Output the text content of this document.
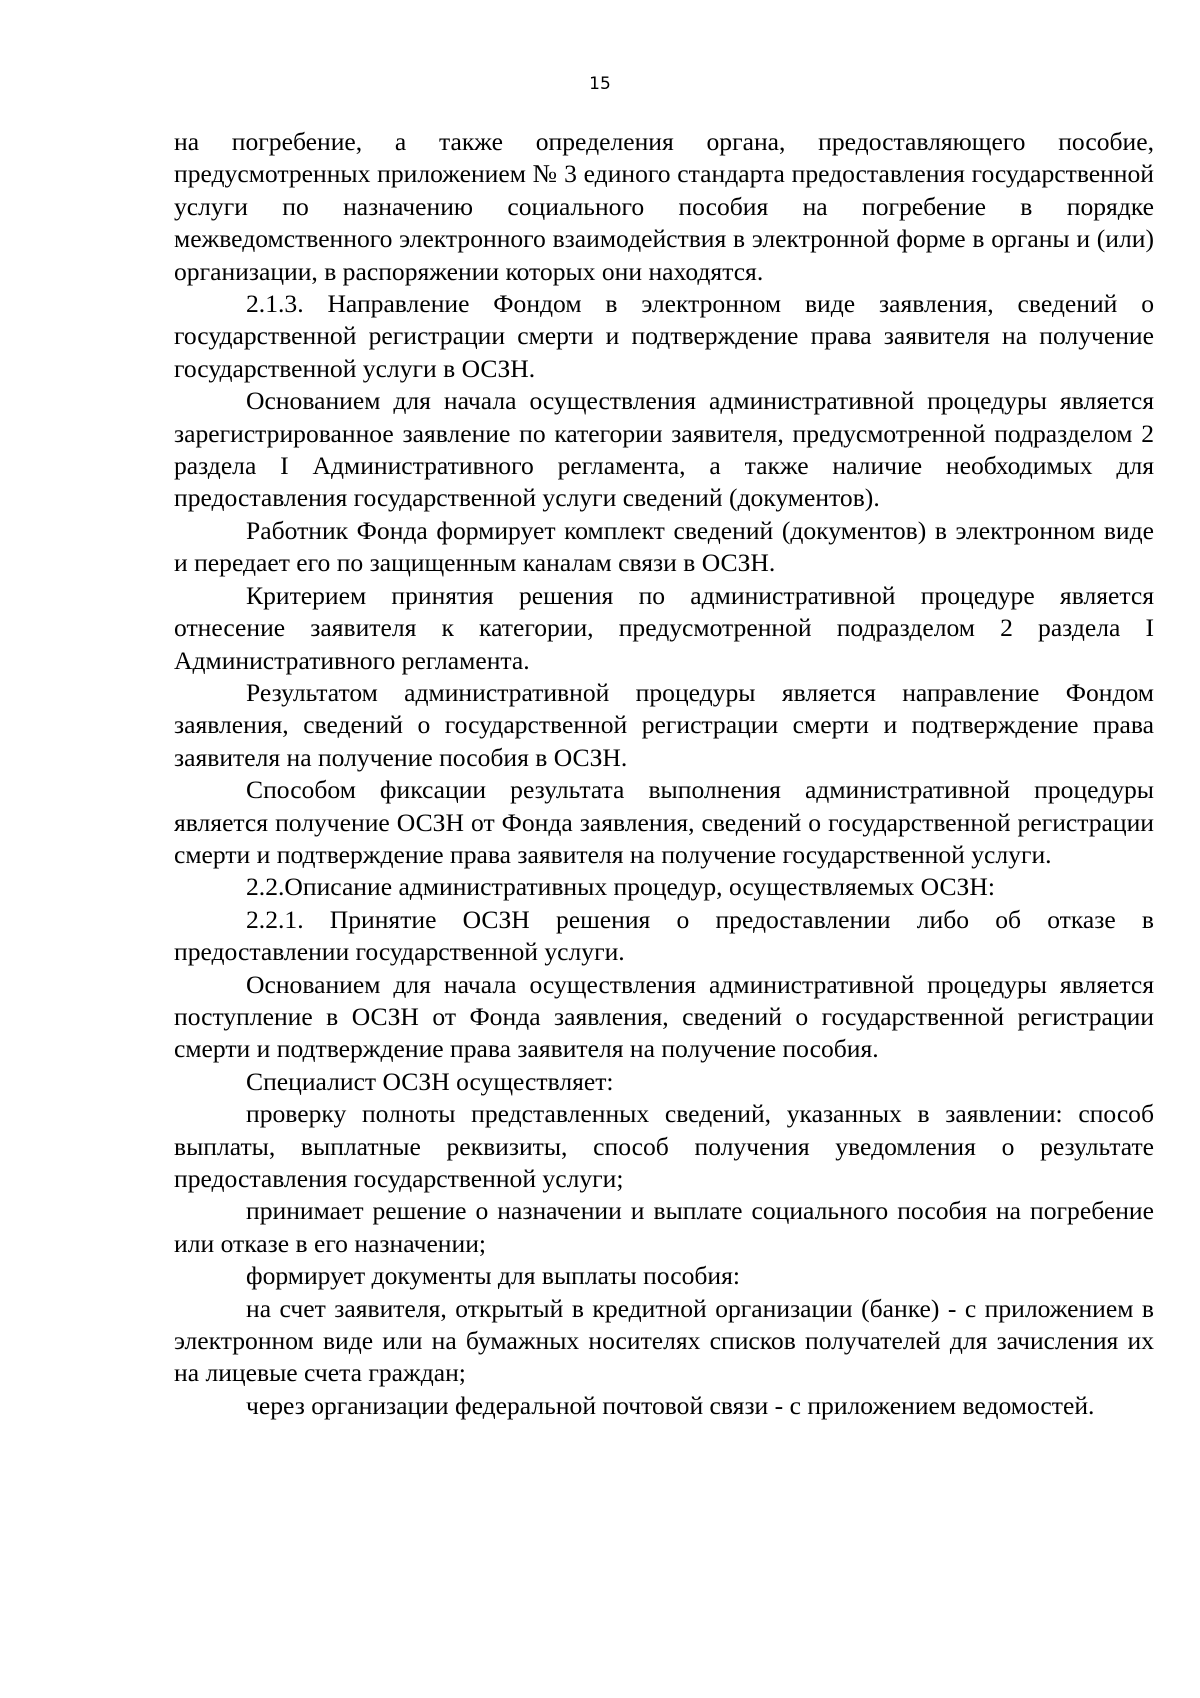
15

на погребение, а также определения органа, предоставляющего пособие, предусмотренных приложением № 3 единого стандарта предоставления государственной услуги по назначению социального пособия на погребение в порядке межведомственного электронного взаимодействия в электронной форме в органы и (или) организации, в распоряжении которых они находятся.

2.1.3. Направление Фондом в электронном виде заявления, сведений о государственной регистрации смерти и подтверждение права заявителя на получение государственной услуги в ОСЗН.

Основанием для начала осуществления административной процедуры является зарегистрированное заявление по категории заявителя, предусмотренной подразделом 2 раздела I Административного регламента, а также наличие необходимых для предоставления государственной услуги сведений (документов).

Работник Фонда формирует комплект сведений (документов) в электронном виде и передает его по защищенным каналам связи в ОСЗН.

Критерием принятия решения по административной процедуре является отнесение заявителя к категории, предусмотренной подразделом 2 раздела I Административного регламента.

Результатом административной процедуры является направление Фондом заявления, сведений о государственной регистрации смерти и подтверждение права заявителя на получение пособия в ОСЗН.

Способом фиксации результата выполнения административной процедуры является получение ОСЗН от Фонда заявления, сведений о государственной регистрации смерти и подтверждение права заявителя на получение государственной услуги.

2.2.Описание административных процедур, осуществляемых ОСЗН:

2.2.1. Принятие ОСЗН решения о предоставлении либо об отказе в предоставлении государственной услуги.

Основанием для начала осуществления административной процедуры является поступление в ОСЗН от Фонда заявления, сведений о государственной регистрации смерти и подтверждение права заявителя на получение пособия.

Специалист ОСЗН осуществляет:

проверку полноты представленных сведений, указанных в заявлении: способ выплаты, выплатные реквизиты, способ получения уведомления о результате предоставления государственной услуги;

принимает решение о назначении и выплате социального пособия на погребение или отказе в его назначении;

формирует документы для выплаты пособия:

на счет заявителя, открытый в кредитной организации (банке) - с приложением в электронном виде или на бумажных носителях списков получателей для зачисления их на лицевые счета граждан;

через организации федеральной почтовой связи - с приложением ведомостей.
